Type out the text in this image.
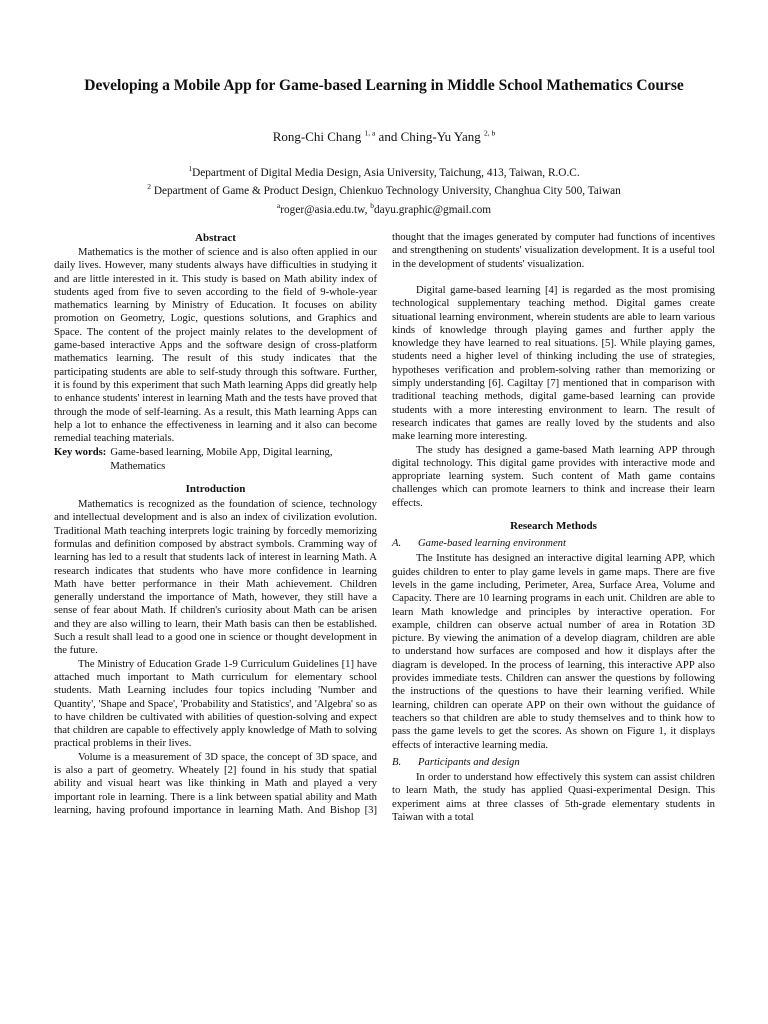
Developing a Mobile App for Game-based Learning in Middle School Mathematics Course
Rong-Chi Chang $^{1, a}$ and Ching-Yu Yang $^{2, b}$
$^1$Department of Digital Media Design, Asia University, Taichung, 413, Taiwan, R.O.C.
$^2$ Department of Game & Product Design, Chienkuo Technology University, Changhua City 500, Taiwan
$^a$roger@asia.edu.tw, $^b$dayu.graphic@gmail.com
Abstract

Mathematics is the mother of science and is also often applied in our daily lives. However, many students always have difficulties in studying it and are little interested in it. This study is based on Math ability index of students aged from five to seven according to the field of 9-whole-year mathematics learning by Ministry of Education. It focuses on ability promotion on Geometry, Logic, questions solutions, and Graphics and Space. The content of the project mainly relates to the development of game-based interactive Apps and the software design of cross-platform mathematics learning. The result of this study indicates that the participating students are able to self-study through this software. Further, it is found by this experiment that such Math learning Apps did greatly help to enhance students' interest in learning Math and the tests have proved that through the mode of self-learning. As a result, this Math learning Apps can help a lot to enhance the effectiveness in learning and it also can become remedial teaching materials.

Key words: Game-based learning, Mobile App, Digital learning, Mathematics
Introduction

Mathematics is recognized as the foundation of science, technology and intellectual development and is also an index of civilization evolution. Traditional Math teaching interprets logic training by forcedly memorizing formulas and definition composed by abstract symbols. Cramming way of learning has led to a result that students lack of interest in learning Math. A research indicates that students who have more confidence in learning Math have better performance in their Math achievement. Children generally understand the importance of Math, however, they still have a sense of fear about Math. If children's curiosity about Math can be arisen and they are also willing to learn, their Math basis can then be established. Such a result shall lead to a good one in science or thought development in the future.

The Ministry of Education Grade 1-9 Curriculum Guidelines [1] have attached much important to Math curriculum for elementary school students. Math Learning includes four topics including 'Number and Quantity', 'Shape and Space', 'Probability and Statistics', and 'Algebra' so as to have children be cultivated with abilities of question-solving and expect that children are capable to effectively apply knowledge of Math to solving practical problems in their lives.

Volume is a measurement of 3D space, the concept of 3D space, and is also a part of geometry. Wheately [2] found in his study that spatial ability and visual heart was like thinking in Math and played a very important role in learning. There is a link between spatial ability and Math learning, having profound importance in learning Math. And Bishop [3]

thought that the images generated by computer had functions of incentives and strengthening on students' visualization development. It is a useful tool in the development of students' visualization.

Digital game-based learning [4] is regarded as the most promising technological supplementary teaching method. Digital games create situational learning environment, wherein students are able to learn various kinds of knowledge through playing games and further apply the knowledge they have learned to real situations. [5]. While playing games, students need a higher level of thinking including the use of strategies, hypotheses verification and problem-solving rather than memorizing or simply understanding [6]. Cagiltay [7] mentioned that in comparison with traditional teaching methods, digital game-based learning can provide students with a more interesting environment to learn. The result of research indicates that games are really loved by the students and also make learning more interesting.

The study has designed a game-based Math learning APP through digital technology. This digital game provides with interactive mode and appropriate learning system. Such content of Math game contains challenges which can promote learners to think and increase their learn effects.

Research Methods
A.	Game-based learning environment

The Institute has designed an interactive digital learning APP, which guides children to enter to play game levels in game maps. There are five levels in the game including, Perimeter, Area, Surface Area, Volume and Capacity. There are 10 learning programs in each unit. Children are able to learn Math knowledge and principles by interactive operation. For example, children can observe actual number of area in Rotation 3D picture. By viewing the animation of a develop diagram, children are able to understand how surfaces are composed and how it displays after the diagram is developed. In the process of learning, this interactive APP also provides immediate tests. Children can answer the questions by following the instructions of the questions to have their learning verified. While learning, children can operate APP on their own without the guidance of teachers so that children are able to study themselves and to think how to pass the game levels to get the scores. As shown on Figure 1, it displays effects of interactive learning media.

B.	Participants and design

In order to understand how effectively this system can assist children to learn Math, the study has applied Quasi-experimental Design. This experiment aims at three classes of 5th-grade elementary students in Taiwan with a total
